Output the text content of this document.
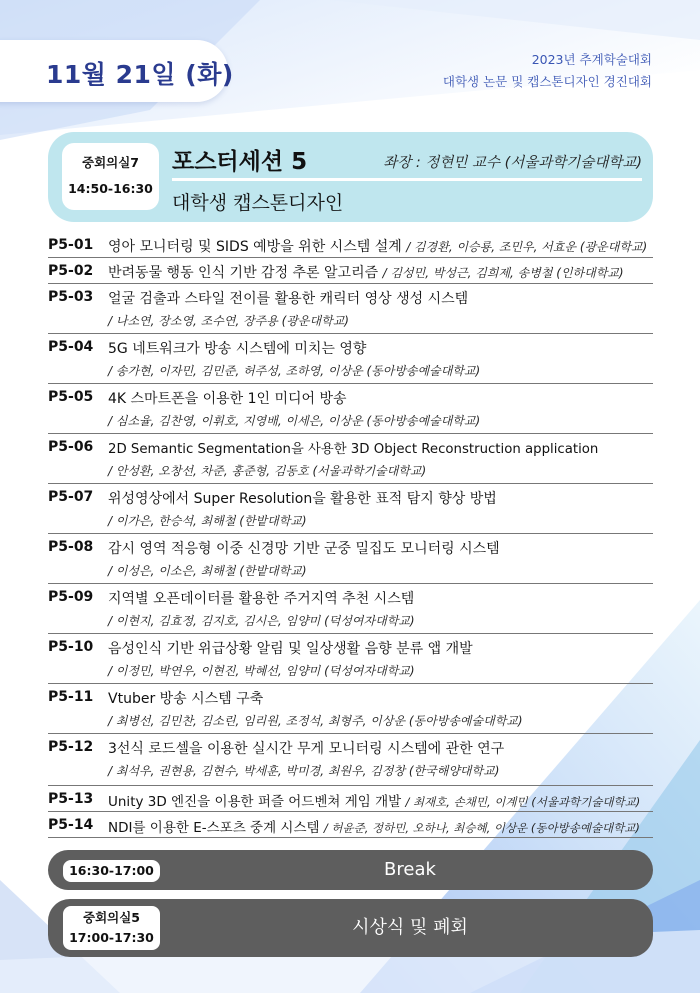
11월 21일 (화)
2023년 추계학술대회
대학생 논문 및 캡스톤디자인 경진대회
중회의실7
14:50-16:30
포스터세션 5	좌장 : 정현민 교수 (서울과학기술대학교)
대학생 캡스톤디자인
P5-01 영아 모니터링 및 SIDS 예방을 위한 시스템 설계 / 김경환, 이승룡, 조민우, 서효운 (광운대학교)
P5-02 반려동물 행동 인식 기반 감정 추론 알고리즘 / 김성민, 박성근, 김희제, 송병철 (인하대학교)
P5-03 얼굴 검출과 스타일 전이를 활용한 캐릭터 영상 생성 시스템
/ 나소연, 장소영, 조수연, 장주용 (광운대학교)
P5-04 5G 네트워크가 방송 시스템에 미치는 영향
/ 송가현, 이자민, 김민준, 허주성, 조하영, 이상운 (동아방송예술대학교)
P5-05 4K 스마트폰을 이용한 1인 미디어 방송
/ 심소율, 김찬영, 이휘호, 지영배, 이세은, 이상운 (동아방송예술대학교)
P5-06 2D Semantic Segmentation을 사용한 3D Object Reconstruction application
/ 안성환, 오창선, 차준, 홍준형, 김동호 (서울과학기술대학교)
P5-07 위성영상에서 Super Resolution을 활용한 표적 탐지 향상 방법
/ 이가은, 한승석, 최해철 (한밭대학교)
P5-08 감시 영역 적응형 이중 신경망 기반 군중 밀집도 모니터링 시스템
/ 이성은, 이소은, 최해철 (한밭대학교)
P5-09 지역별 오픈데이터를 활용한 주거지역 추천 시스템
/ 이현지, 김효정, 김지호, 김시은, 임양미 (덕성여자대학교)
P5-10 음성인식 기반 위급상황 알림 및 일상생활 음향 분류 앱 개발
/ 이정민, 박연우, 이현진, 박혜선, 임양미 (덕성여자대학교)
P5-11 Vtuber 방송 시스템 구축
/ 최병선, 김민찬, 김소린, 임리원, 조정석, 최형주, 이상운 (동아방송예술대학교)
P5-12 3선식 로드셀을 이용한 실시간 무게 모니터링 시스템에 관한 연구
/ 최석우, 권현용, 김현수, 박세훈, 박미경, 최원우, 김정창 (한국해양대학교)
P5-13 Unity 3D 엔진을 이용한 퍼즐 어드벤쳐 게임 개발 / 최재호, 손채민, 이계민 (서울과학기술대학교)
P5-14 NDI를 이용한 E-스포츠 중계 시스템 / 허윤준, 정하민, 오하나, 최승혜, 이상운 (동아방송예술대학교)
16:30-17:00	Break
중회의실5
17:00-17:30	시상식 및 폐회
